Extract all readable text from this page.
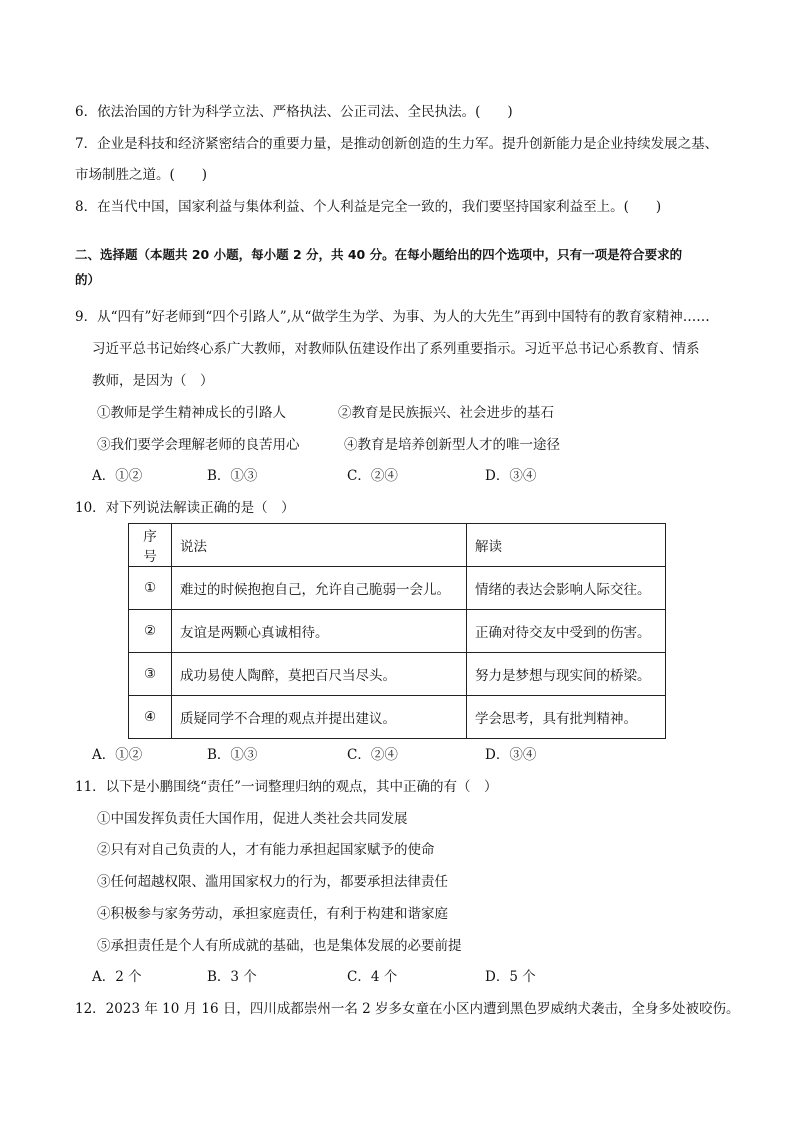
6．依法治国的方针为科学立法、严格执法、公正司法、全民执法。(　　)
7．企业是科技和经济紧密结合的重要力量，是推动创新创造的生力军。提升创新能力是企业持续发展之基、
市场制胜之道。(　　)
8．在当代中国，国家利益与集体利益、个人利益是完全一致的，我们要坚持国家利益至上。(　　)
二、选择题（本题共 20 小题，每小题 2 分，共 40 分。在每小题给出的四个选项中，只有一项是符合要求的
的）
9．从“四有”好老师到“四个引路人”,从“做学生为学、为事、为人的大先生”再到中国特有的教育家精神……
习近平总书记始终心系广大教师，对教师队伍建设作出了系列重要指示。习近平总书记心系教育、情系
教师，是因为（　）
①教师是学生精神成长的引路人	②教育是民族振兴、社会进步的基石
③我们要学会理解老师的良苦用心	④教育是培养创新型人才的唯一途径
A．①②	B．①③	C．②④	D．③④
10．对下列说法解读正确的是（　）
序号	说法	解读
①	难过的时候抱抱自己，允许自己脆弱一会儿。	情绪的表达会影响人际交往。
②	友谊是两颗心真诚相待。	正确对待交友中受到的伤害。
③	成功易使人陶醉，莫把百尺当尽头。	努力是梦想与现实间的桥梁。
④	质疑同学不合理的观点并提出建议。	学会思考，具有批判精神。
A．①②	B．①③	C．②④	D．③④
11．以下是小鹏围绕“责任”一词整理归纳的观点，其中正确的有（　）
①中国发挥负责任大国作用，促进人类社会共同发展
②只有对自己负责的人，才有能力承担起国家赋予的使命
③任何超越权限、滥用国家权力的行为，都要承担法律责任
④积极参与家务劳动，承担家庭责任，有利于构建和谐家庭
⑤承担责任是个人有所成就的基础，也是集体发展的必要前提
A．2 个	B．3 个	C．4 个	D．5 个
12．2023 年 10 月 16 日，四川成都崇州一名 2 岁多女童在小区内遭到黑色罗威纳犬袭击，全身多处被咬伤。
